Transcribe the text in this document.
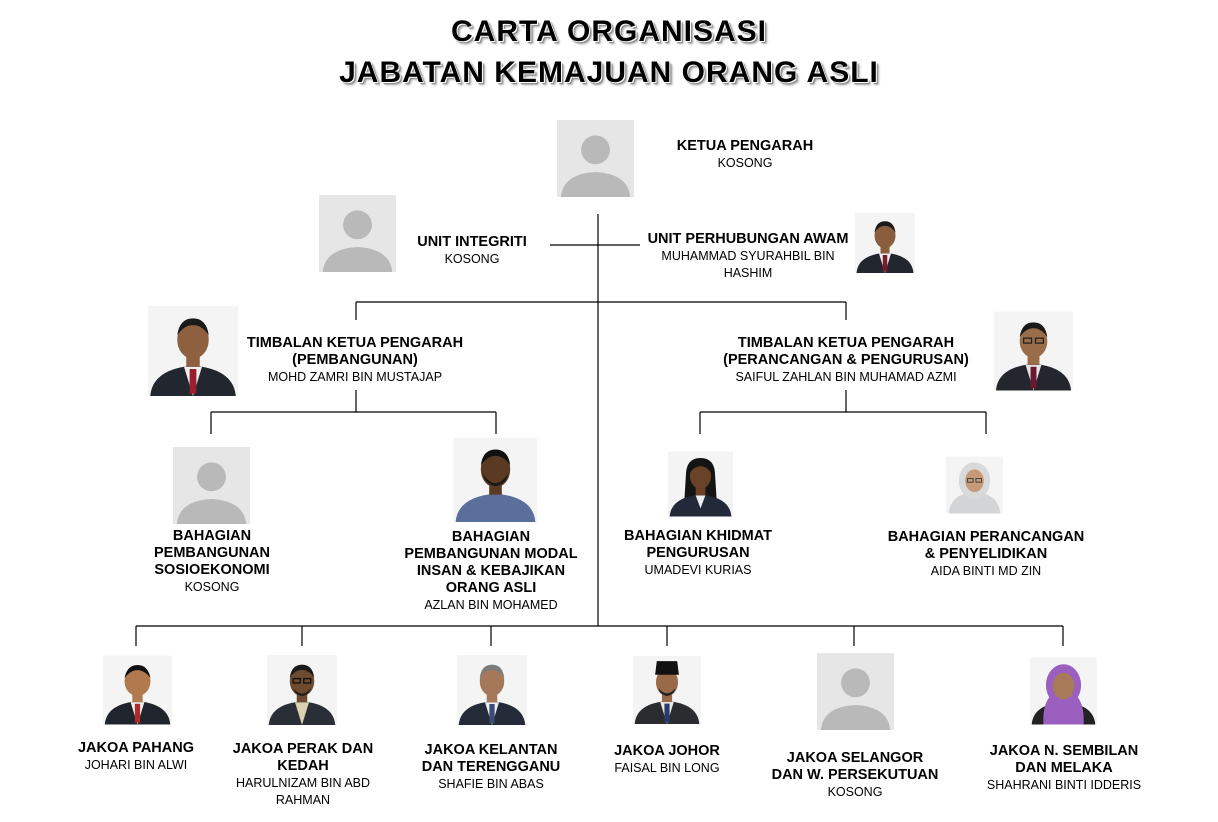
CARTA ORGANISASI
JABATAN KEMAJUAN ORANG ASLI
KETUA PENGARAH
KOSONG
UNIT INTEGRITI
KOSONG
UNIT PERHUBUNGAN AWAM
MUHAMMAD SYURAHBIL BIN
HASHIM
TIMBALAN KETUA PENGARAH
(PEMBANGUNAN)
MOHD ZAMRI BIN MUSTAJAP
TIMBALAN KETUA PENGARAH
(PERANCANGAN & PENGURUSAN)
SAIFUL ZAHLAN BIN MUHAMAD AZMI
BAHAGIAN
PEMBANGUNAN
SOSIOEKONOMI
KOSONG
BAHAGIAN
PEMBANGUNAN MODAL
INSAN & KEBAJIKAN
ORANG ASLI
AZLAN BIN MOHAMED
BAHAGIAN KHIDMAT
PENGURUSAN
UMADEVI KURIAS
BAHAGIAN PERANCANGAN
& PENYELIDIKAN
AIDA BINTI MD ZIN
JAKOA PAHANG
JOHARI BIN ALWI
JAKOA PERAK DAN
KEDAH
HARULNIZAM BIN ABD
RAHMAN
JAKOA KELANTAN
DAN TERENGGANU
SHAFIE BIN ABAS
JAKOA JOHOR
FAISAL BIN LONG
JAKOA SELANGOR
DAN W. PERSEKUTUAN
KOSONG
JAKOA N. SEMBILAN
DAN MELAKA
SHAHRANI BINTI IDDERIS
